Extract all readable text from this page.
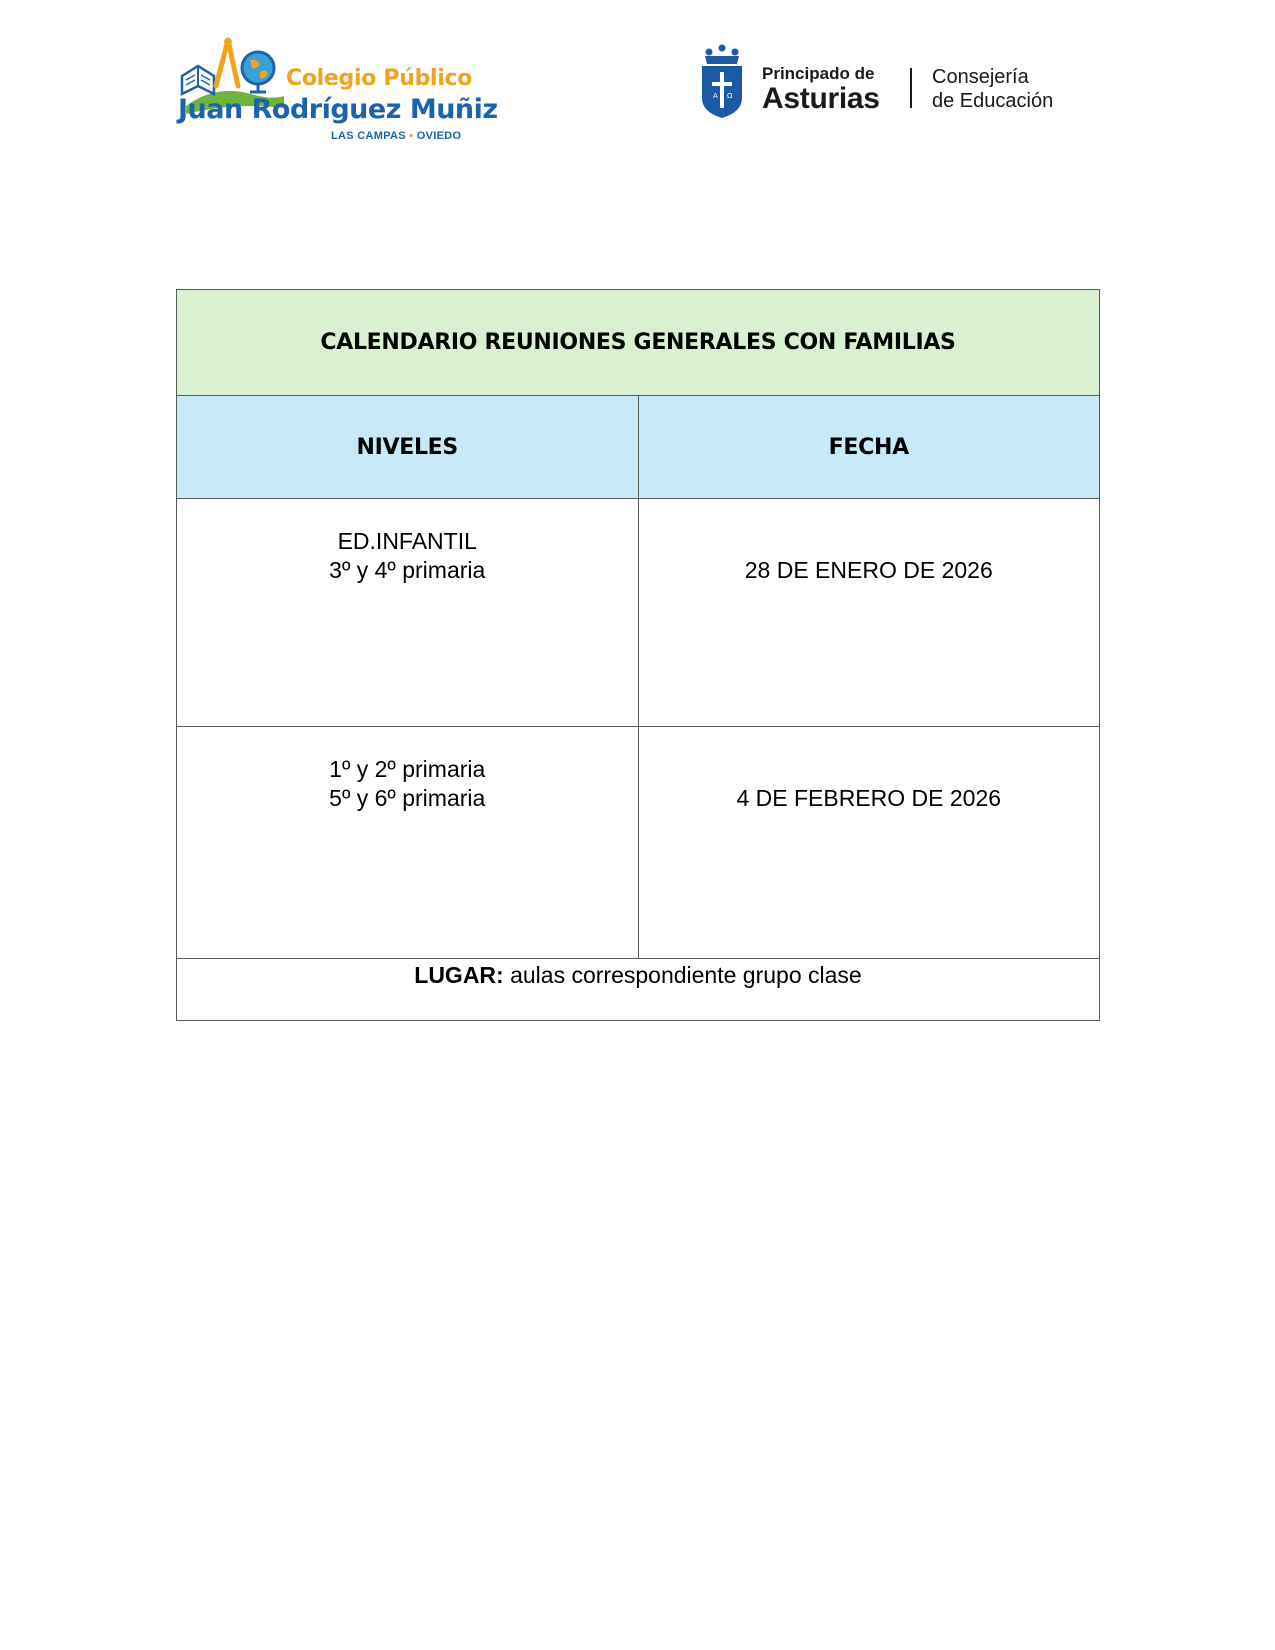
Colegio Público
Juan Rodríguez Muñiz
LAS CAMPAS • OVIEDO
A Ω
Principado de
Asturias
Consejería
de Educación
CALENDARIO REUNIONES GENERALES CON FAMILIAS	
NIVELES	FECHA

ED.INFANTIL
3º y 4º primaria	28 DE ENERO DE 2026

1º y 2º primaria
5º y 6º primaria	4 DE FEBRERO DE 2026

LUGAR: aulas correspondiente grupo clase	
